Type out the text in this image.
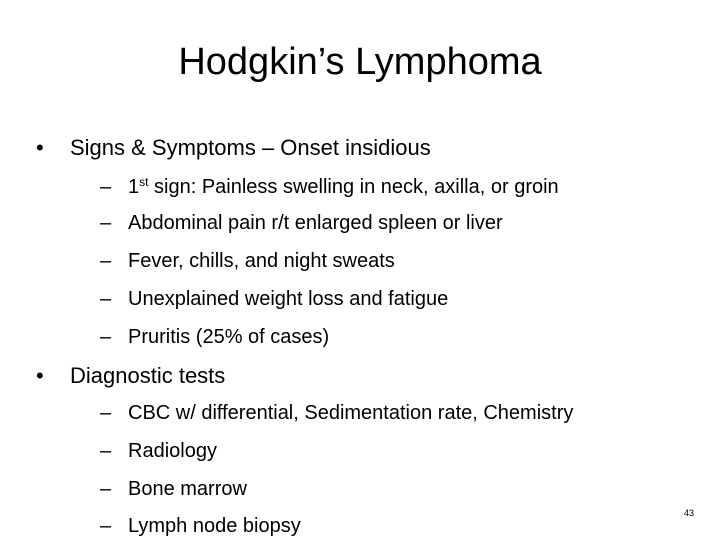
Hodgkin’s Lymphoma
• Signs & Symptoms – Onset insidious
– 1st sign: Painless swelling in neck, axilla, or groin
– Abdominal pain r/t enlarged spleen or liver
– Fever, chills, and night sweats
– Unexplained weight loss and fatigue
– Pruritis (25% of cases)
• Diagnostic tests
– CBC w/ differential, Sedimentation rate, Chemistry
– Radiology
– Bone marrow
– Lymph node biopsy
43
